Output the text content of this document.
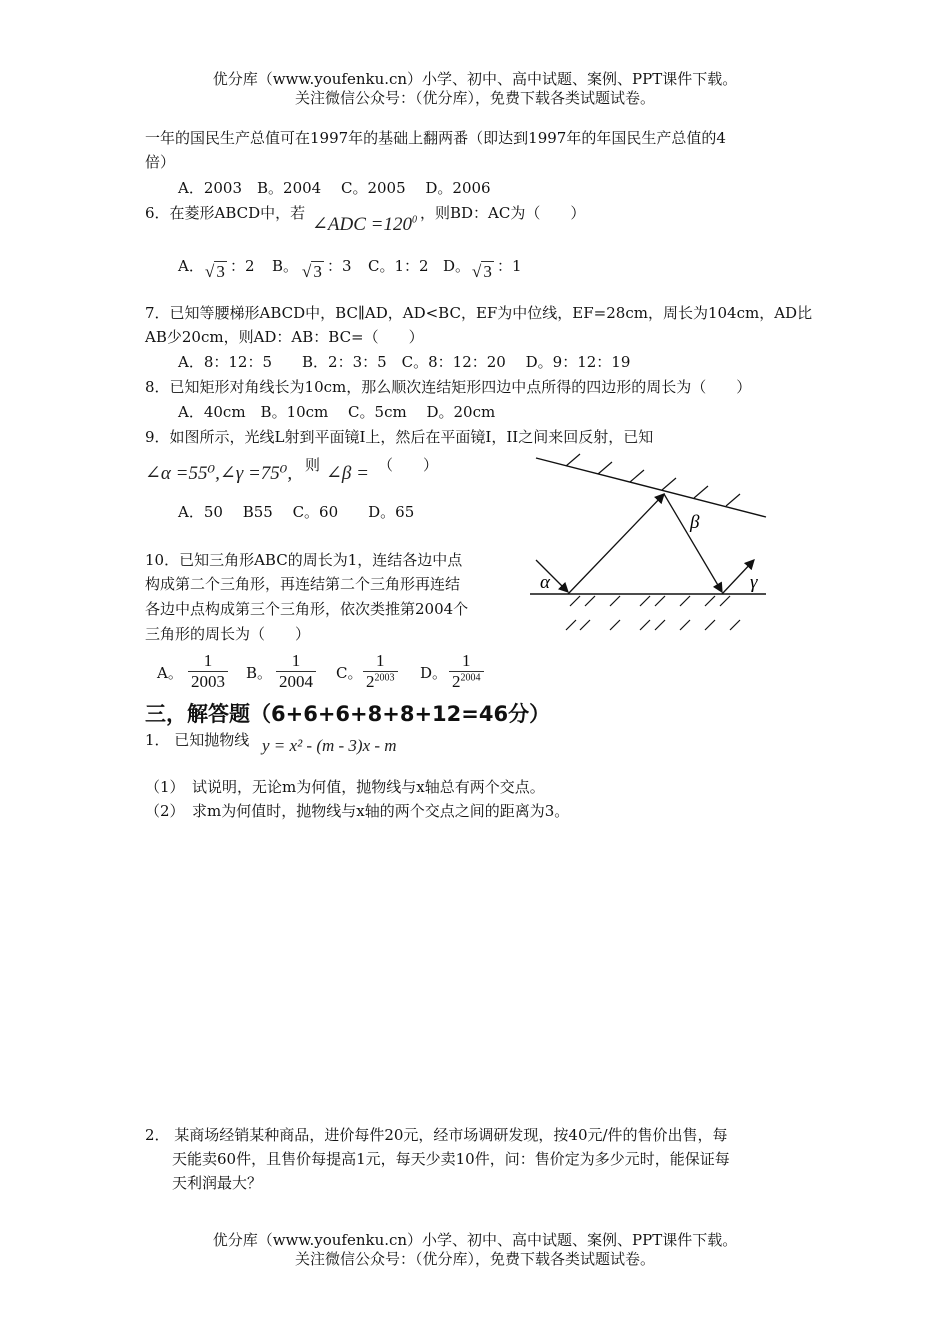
优分库（www.youfenku.cn）小学、初中、高中试题、案例、PPT课件下载。
关注微信公众号：（优分库），免费下载各类试题试卷。
一年的国民生产总值可在1997年的基础上翻两番（即达到1997年的年国民生产总值的4
倍）
A．2003　B。2004　 C。2005　 D。2006
6．在菱形ABCD中，若
∠ADC $=120^0$ ，则BD：AC为（　　）
A． √ 3 ：2 B。 √ 3 ：3 C。1：2 D。 √ 3 ：1
7．已知等腰梯形ABCD中，BC∥AD，AD<BC，EF为中位线，EF=28cm，周长为104cm，AD比
AB少20cm，则AD：AB：BC=（　　）
A．8：12：5　　B．2：3：5　C。8：12：20　 D。9：12：19
8．已知矩形对角线长为10cm，那么顺次连结矩形四边中点所得的四边形的周长为（　　）
A．40cm　B。10cm　 C。5cm　 D。20cm
9．如图所示，光线L射到平面镜I上，然后在平面镜I，II之间来回反射，已知
∠α =55⁰,∠γ =75⁰, 则 ∠β = （　　）
A．50　 B55　 C。60　　D。65
α
β
γ
10．已知三角形ABC的周长为1，连结各边中点
构成第二个三角形，再连结第二个三角形再连结
各边中点构成第三个三角形，依次类推第2004个
三角形的周长为（　　）
A。 $\frac{1}{2003}$ B。 $\frac{1}{2004}$ C。 $\frac{1}{2^{2003}}$ D。 $\frac{1}{2^{2004}}$
三，解答题（6+6+6+8+8+12=46分）
1． 已知抛物线 y = x² - (m - 3)x - m
（1）　试说明，无论m为何值，抛物线与x轴总有两个交点。
（2）　求m为何值时，抛物线与x轴的两个交点之间的距离为3。
2． 某商场经销某种商品，进价每件20元，经市场调研发现，按40元/件的售价出售，每
天能卖60件，且售价每提高1元，每天少卖10件，问：售价定为多少元时，能保证每
天利润最大？
优分库（www.youfenku.cn）小学、初中、高中试题、案例、PPT课件下载。
关注微信公众号：（优分库），免费下载各类试题试卷。
